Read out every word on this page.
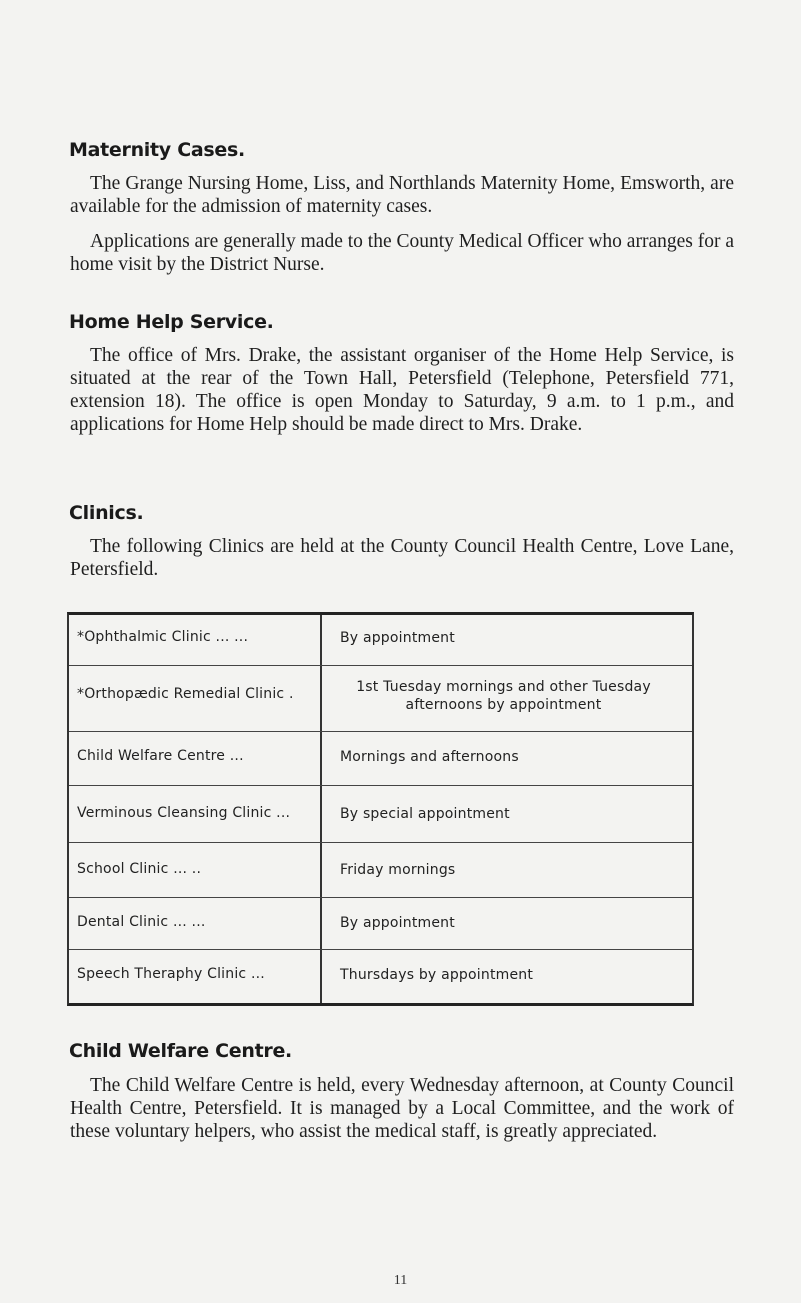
Maternity Cases.

The Grange Nursing Home, Liss, and Northlands Maternity Home, Emsworth, are available for the admission of maternity cases.

Applications are generally made to the County Medical Officer who arranges for a home visit by the District Nurse.

Home Help Service.

The office of Mrs. Drake, the assistant organiser of the Home Help Service, is situated at the rear of the Town Hall, Petersfield (Telephone, Petersfield 771, extension 18). The office is open Monday to Saturday, 9 a.m. to 1 p.m., and applications for Home Help should be made direct to Mrs. Drake.

Clinics.

The following Clinics are held at the County Council Health Centre, Love Lane, Petersfield.

*Ophthalmic Clinic ... ...	By appointment
*Orthopædic Remedial Clinic .	1st Tuesday mornings and other Tuesday afternoons by appointment
Child Welfare Centre ...	Mornings and afternoons
Verminous Cleansing Clinic ...	By special appointment
School Clinic ... ..	Friday mornings
Dental Clinic ... ...	By appointment
Speech Theraphy Clinic ...	Thursdays by appointment
Child Welfare Centre.

The Child Welfare Centre is held, every Wednesday afternoon, at County Council Health Centre, Petersfield. It is managed by a Local Committee, and the work of these voluntary helpers, who assist the medical staff, is greatly appreciated.

11
